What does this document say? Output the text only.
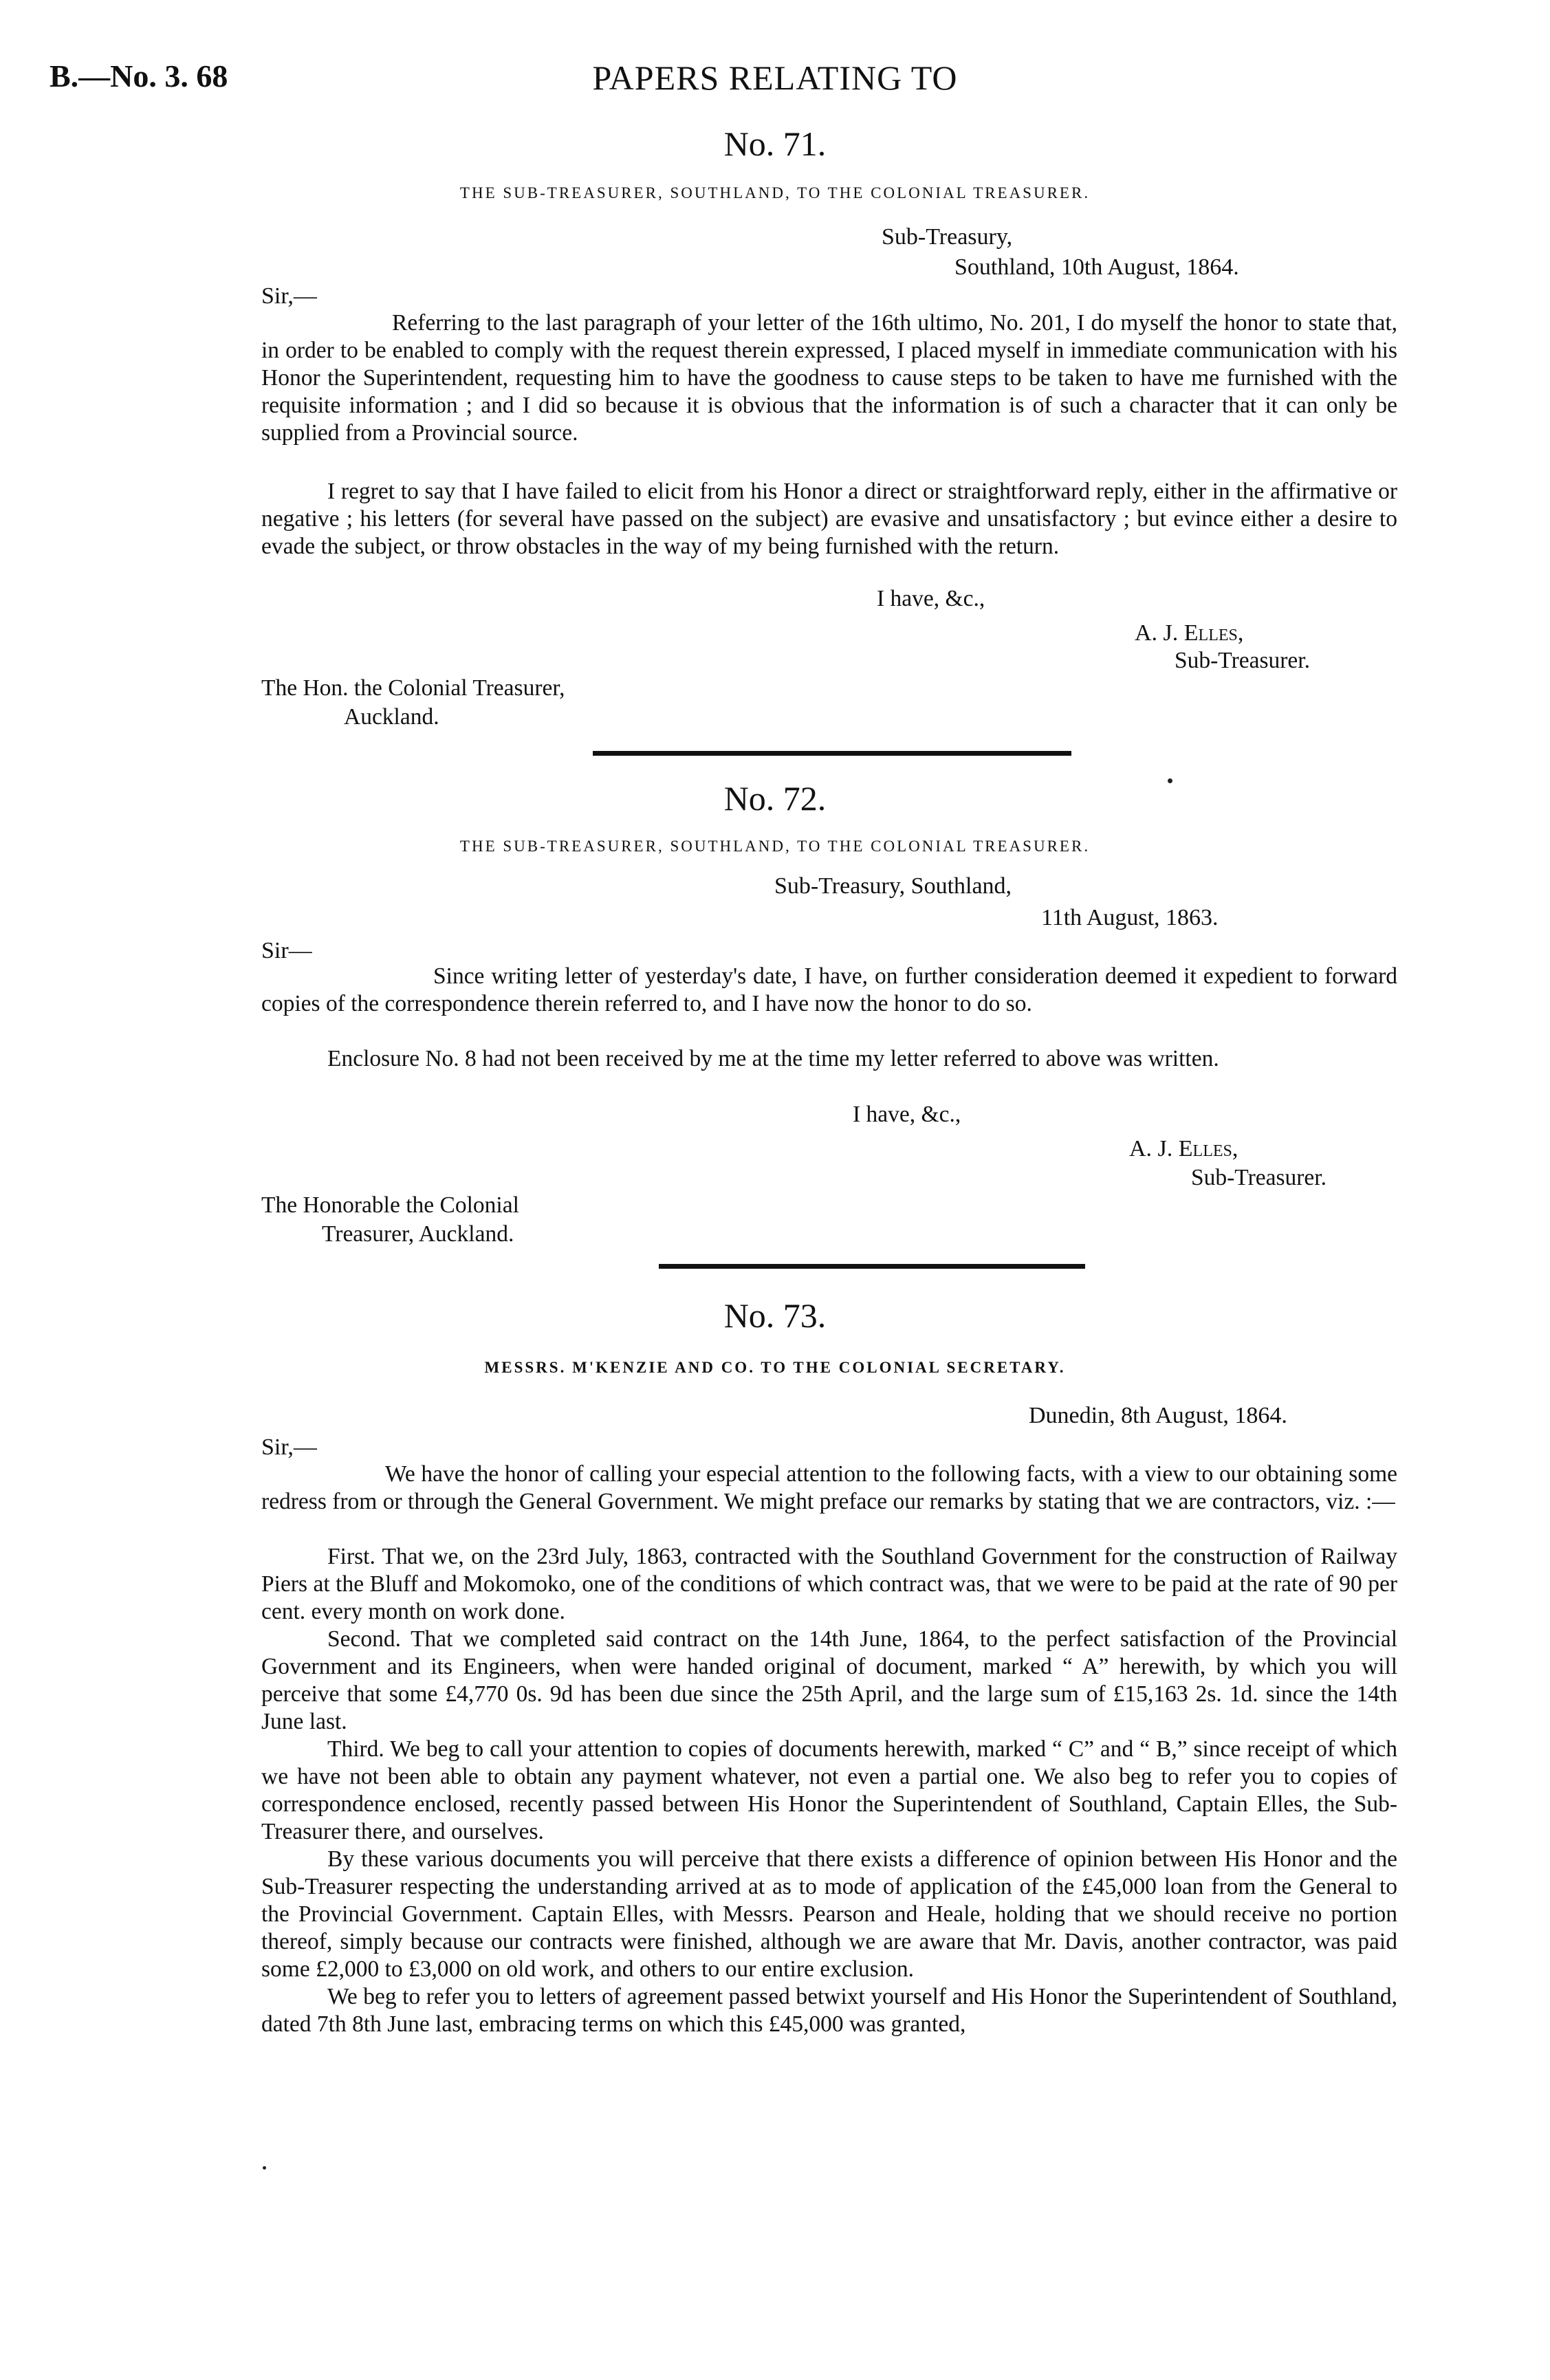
B.—No. 3. 68	PAPERS RELATING TO
No. 71.
THE SUB-TREASURER, SOUTHLAND, TO THE COLONIAL TREASURER.
Sub-Treasury,
Southland, 10th August, 1864.
Sir,—

Referring to the last paragraph of your letter of the 16th ultimo, No. 201, I do myself the honor to state that, in order to be enabled to comply with the request therein expressed, I placed myself in immediate communication with his Honor the Superintendent, requesting him to have the goodness to cause steps to be taken to have me furnished with the requisite information ; and I did so because it is obvious that the information is of such a character that it can only be supplied from a Provincial source.

I regret to say that I have failed to elicit from his Honor a direct or straightforward reply, either in the affirmative or negative ; his letters (for several have passed on the subject) are evasive and unsatisfactory ; but evince either a desire to evade the subject, or throw obstacles in the way of my being furnished with the return.

I have, &c.,
A. J. Elles,
Sub-Treasurer.
The Hon. the Colonial Treasurer,
Auckland.
No. 72.
THE SUB-TREASURER, SOUTHLAND, TO THE COLONIAL TREASURER.
Sub-Treasury, Southland,
11th August, 1863.
Sir—

Since writing letter of yesterday's date, I have, on further consideration deemed it expedient to forward copies of the correspondence therein referred to, and I have now the honor to do so.

Enclosure No. 8 had not been received by me at the time my letter referred to above was written.

I have, &c.,
A. J. Elles,
Sub-Treasurer.
The Honorable the Colonial
Treasurer, Auckland.
No. 73.
MESSRS. M'KENZIE AND CO. TO THE COLONIAL SECRETARY.
Dunedin, 8th August, 1864.
Sir,—

We have the honor of calling your especial attention to the following facts, with a view to our obtaining some redress from or through the General Government. We might preface our remarks by stating that we are contractors, viz. :—

First. That we, on the 23rd July, 1863, contracted with the Southland Government for the construction of Railway Piers at the Bluff and Mokomoko, one of the conditions of which contract was, that we were to be paid at the rate of 90 per cent. every month on work done.

Second. That we completed said contract on the 14th June, 1864, to the perfect satisfaction of the Provincial Government and its Engineers, when were handed original of document, marked “ A” herewith, by which you will perceive that some £4,770 0s. 9d has been due since the 25th April, and the large sum of £15,163 2s. 1d. since the 14th June last.

Third. We beg to call your attention to copies of documents herewith, marked “ C” and “ B,” since receipt of which we have not been able to obtain any payment whatever, not even a partial one. We also beg to refer you to copies of correspondence enclosed, recently passed between His Honor the Superintendent of Southland, Captain Elles, the Sub-Treasurer there, and ourselves.

By these various documents you will perceive that there exists a difference of opinion between His Honor and the Sub-Treasurer respecting the understanding arrived at as to mode of application of the £45,000 loan from the General to the Provincial Government. Captain Elles, with Messrs. Pearson and Heale, holding that we should receive no portion thereof, simply because our contracts were finished, although we are aware that Mr. Davis, another contractor, was paid some £2,000 to £3,000 on old work, and others to our entire exclusion.

We beg to refer you to letters of agreement passed betwixt yourself and His Honor the Superintendent of Southland, dated 7th 8th June last, embracing terms on which this £45,000 was granted,
